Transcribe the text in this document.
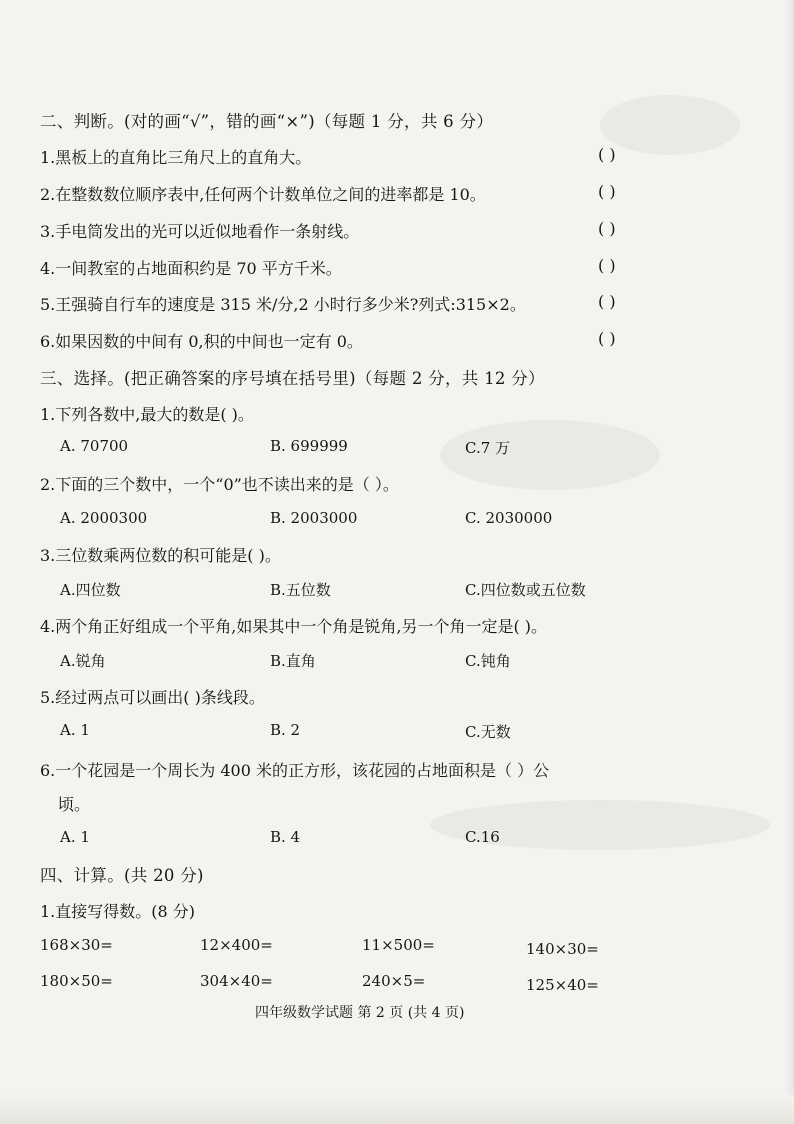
二、判断。(对的画“√”，错的画“×”)（每题 1 分，共 6 分）
1.黑板上的直角比三角尺上的直角大。	( )
2.在整数数位顺序表中,任何两个计数单位之间的进率都是 10。	( )
3.手电筒发出的光可以近似地看作一条射线。	( )
4.一间教室的占地面积约是 70 平方千米。	( )
5.王强骑自行车的速度是 315 米/分,2 小时行多少米?列式:315×2。	( )
6.如果因数的中间有 0,积的中间也一定有 0。	( )
三、选择。(把正确答案的序号填在括号里)（每题 2 分，共 12 分）
1.下列各数中,最大的数是( )。
A. 70700	B. 699999	C.7 万
2.下面的三个数中，一个“0”也不读出来的是（ ）。
A. 2000300	B. 2003000	C. 2030000
3.三位数乘两位数的积可能是( )。
A.四位数	B.五位数	C.四位数或五位数
4.两个角正好组成一个平角,如果其中一个角是锐角,另一个角一定是( )。
A.锐角	B.直角	C.钝角
5.经过两点可以画出( )条线段。
A. 1	B. 2	C.无数
6.一个花园是一个周长为 400 米的正方形，该花园的占地面积是（ ）公
顷。
A. 1	B. 4	C.16
四、计算。(共 20 分)
1.直接写得数。(8 分)
168×30=	12×400=	11×500=	140×30=
180×50=	304×40=	240×5=	125×40=
四年级数学试题 第 2 页 (共 4 页)
